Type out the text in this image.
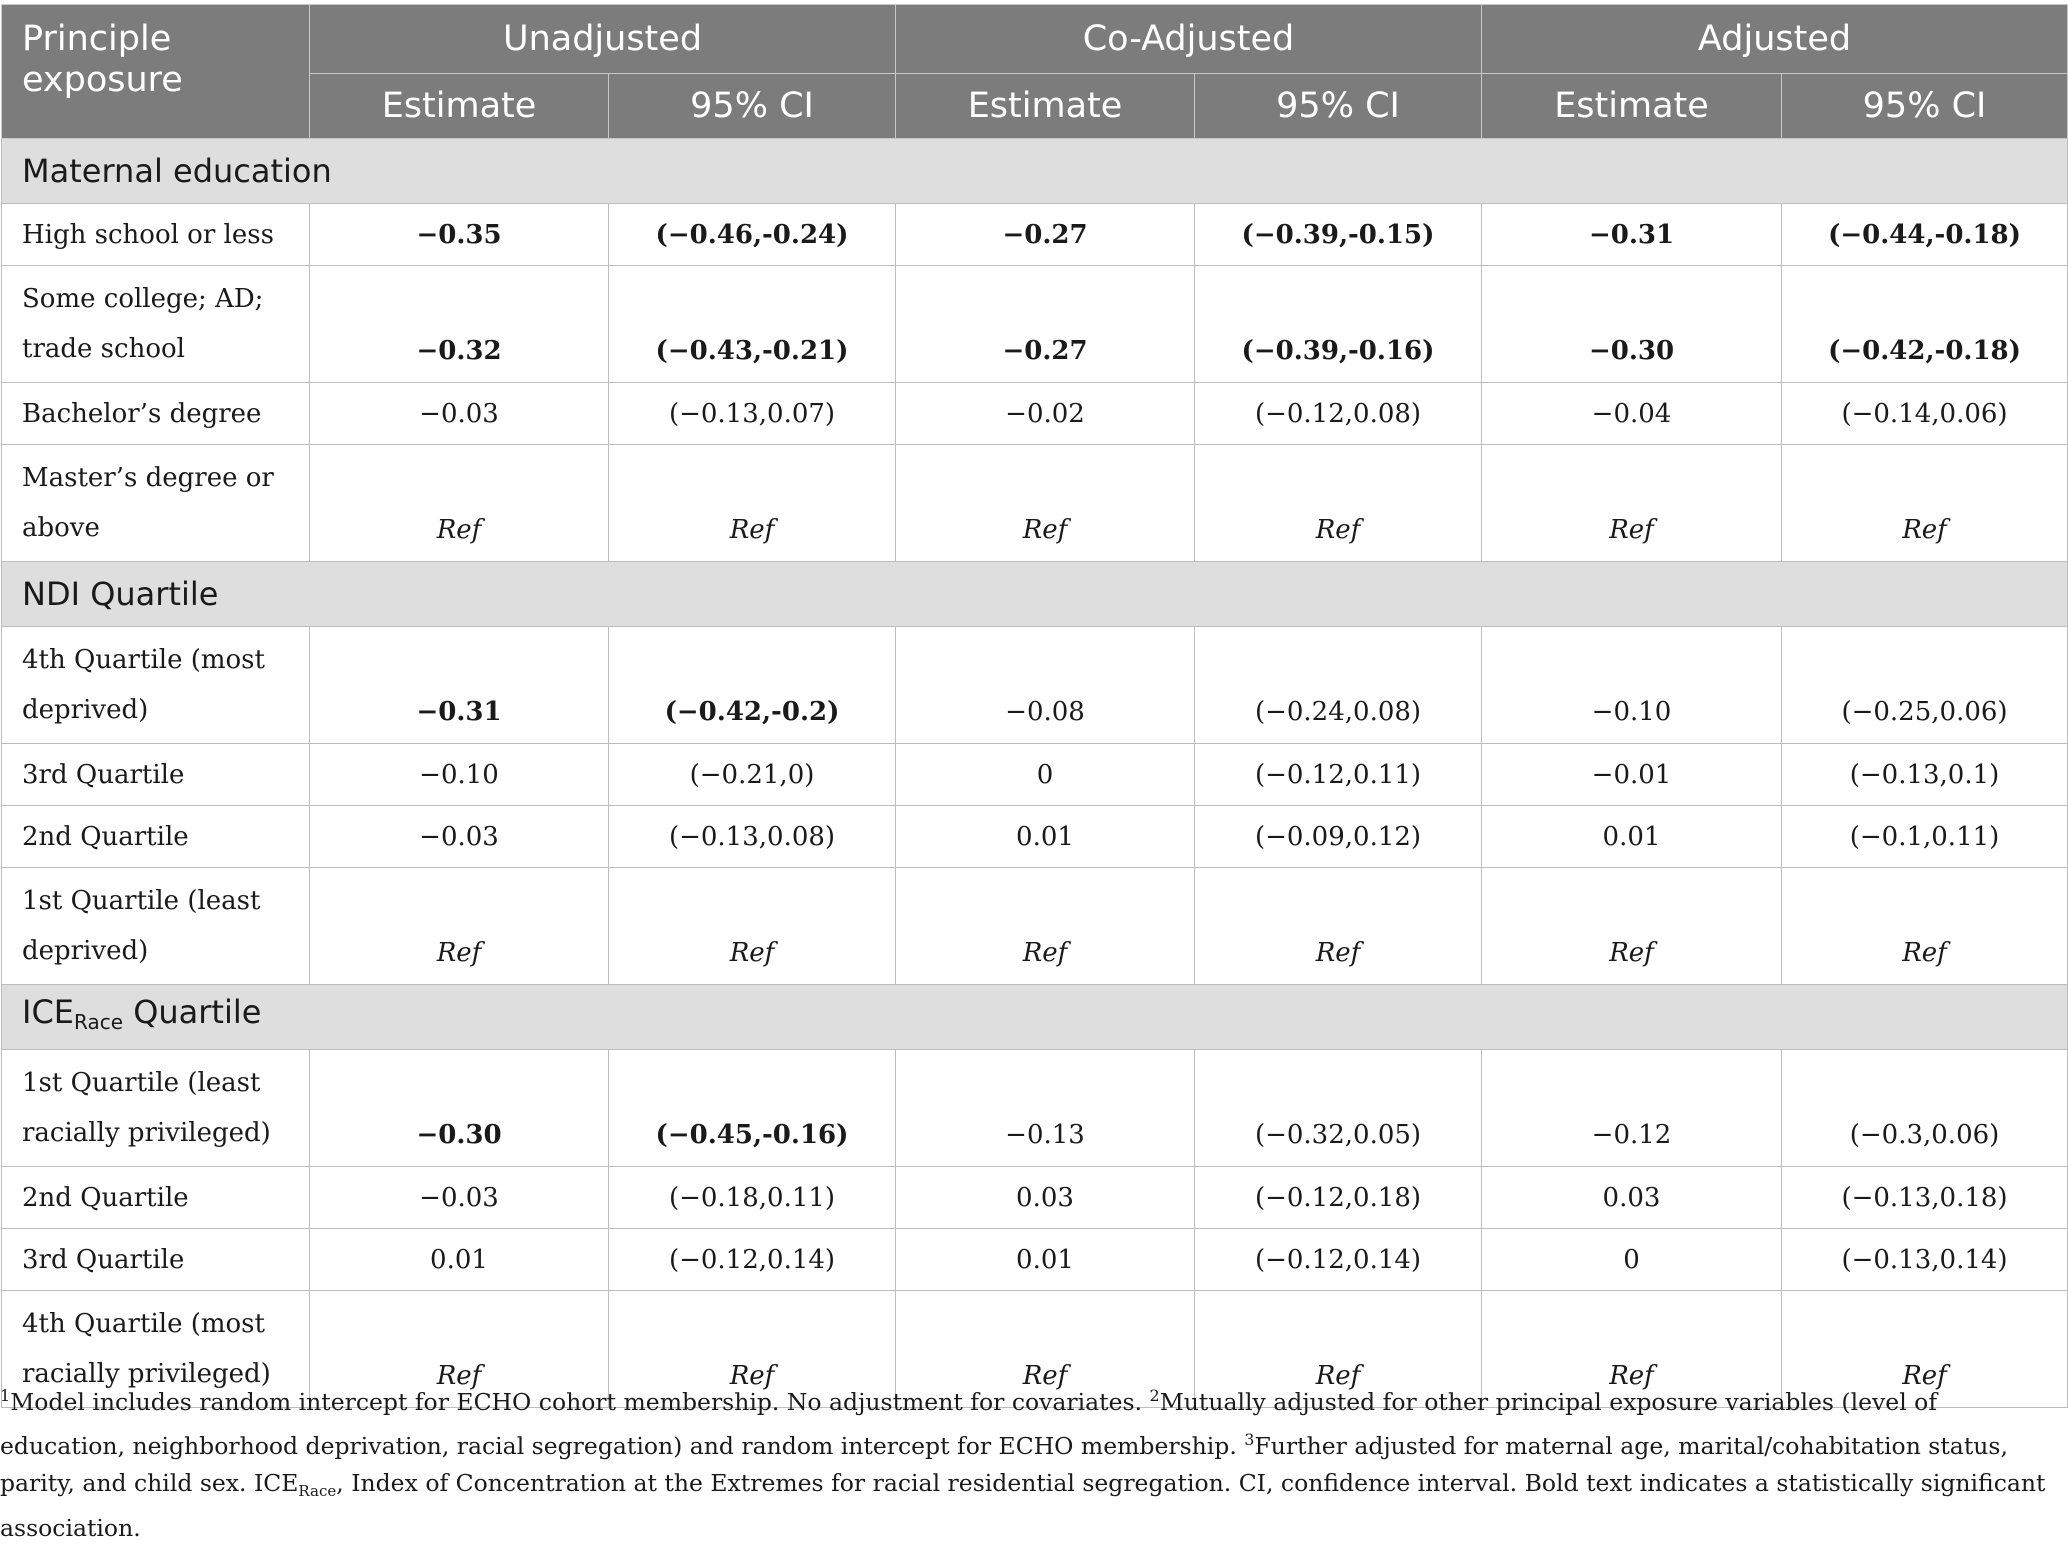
Principle exposure	Unadjusted		Co-Adjusted		Adjusted	
	Estimate	95% CI	Estimate	95% CI	Estimate	95% CI
Maternal education						
High school or less	−0.35	(−0.46,-0.24)	−0.27	(−0.39,-0.15)	−0.31	(−0.44,-0.18)
Some college; AD; trade school	−0.32	(−0.43,-0.21)	−0.27	(−0.39,-0.16)	−0.30	(−0.42,-0.18)
Bachelor’s degree	−0.03	(−0.13,0.07)	−0.02	(−0.12,0.08)	−0.04	(−0.14,0.06)
Master’s degree or above	Ref	Ref	Ref	Ref	Ref	Ref
NDI Quartile						
4th Quartile (most deprived)	−0.31	(−0.42,-0.2)	−0.08	(−0.24,0.08)	−0.10	(−0.25,0.06)
3rd Quartile	−0.10	(−0.21,0)	0	(−0.12,0.11)	−0.01	(−0.13,0.1)
2nd Quartile	−0.03	(−0.13,0.08)	0.01	(−0.09,0.12)	0.01	(−0.1,0.11)
1st Quartile (least deprived)	Ref	Ref	Ref	Ref	Ref	Ref
ICERace Quartile						
1st Quartile (least racially privileged)	−0.30	(−0.45,-0.16)	−0.13	(−0.32,0.05)	−0.12	(−0.3,0.06)
2nd Quartile	−0.03	(−0.18,0.11)	0.03	(−0.12,0.18)	0.03	(−0.13,0.18)
3rd Quartile	0.01	(−0.12,0.14)	0.01	(−0.12,0.14)	0	(−0.13,0.14)
4th Quartile (most racially privileged)	Ref	Ref	Ref	Ref	Ref	Ref
$^1$Model includes random intercept for ECHO cohort membership. No adjustment for covariates. $^2$Mutually adjusted for other principal exposure variables (level of education, neighborhood deprivation, racial segregation) and random intercept for ECHO membership. $^3$Further adjusted for maternal age, marital/cohabitation status, parity, and child sex. $ICE_{Race}$, Index of Concentration at the Extremes for racial residential segregation. CI, confidence interval. Bold text indicates a statistically significant association.
